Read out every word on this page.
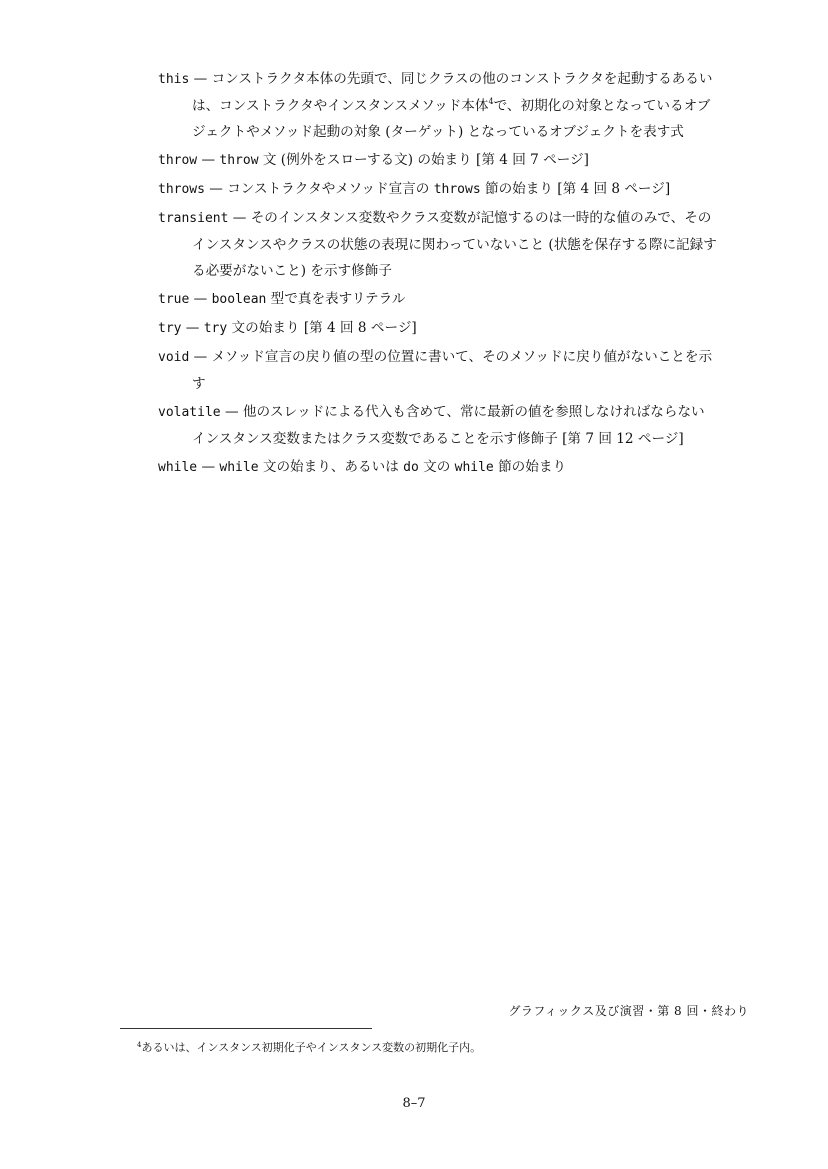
this — コンストラクタ本体の先頭で、同じクラスの他のコンストラクタを起動するあるいは、コンストラクタやインスタンスメソッド本体$^4$で、初期化の対象となっているオブジェクトやメソッド起動の対象 (ターゲット) となっているオブジェクトを表す式

throw — throw 文 (例外をスローする文) の始まり [第 4 回 7 ページ]

throws — コンストラクタやメソッド宣言の throws 節の始まり [第 4 回 8 ページ]

transient — そのインスタンス変数やクラス変数が記憶するのは一時的な値のみで、そのインスタンスやクラスの状態の表現に関わっていないこと (状態を保存する際に記録する必要がないこと) を示す修飾子

true — boolean 型で真を表すリテラル

try — try 文の始まり [第 4 回 8 ページ]

void — メソッド宣言の戻り値の型の位置に書いて、そのメソッドに戻り値がないことを示す

volatile — 他のスレッドによる代入も含めて、常に最新の値を参照しなければならないインスタンス変数またはクラス変数であることを示す修飾子 [第 7 回 12 ページ]

while — while 文の始まり、あるいは do 文の while 節の始まり

グラフィックス及び演習・第 8 回・終わり
$^4$あるいは、インスタンス初期化子やインスタンス変数の初期化子内。
8–7
